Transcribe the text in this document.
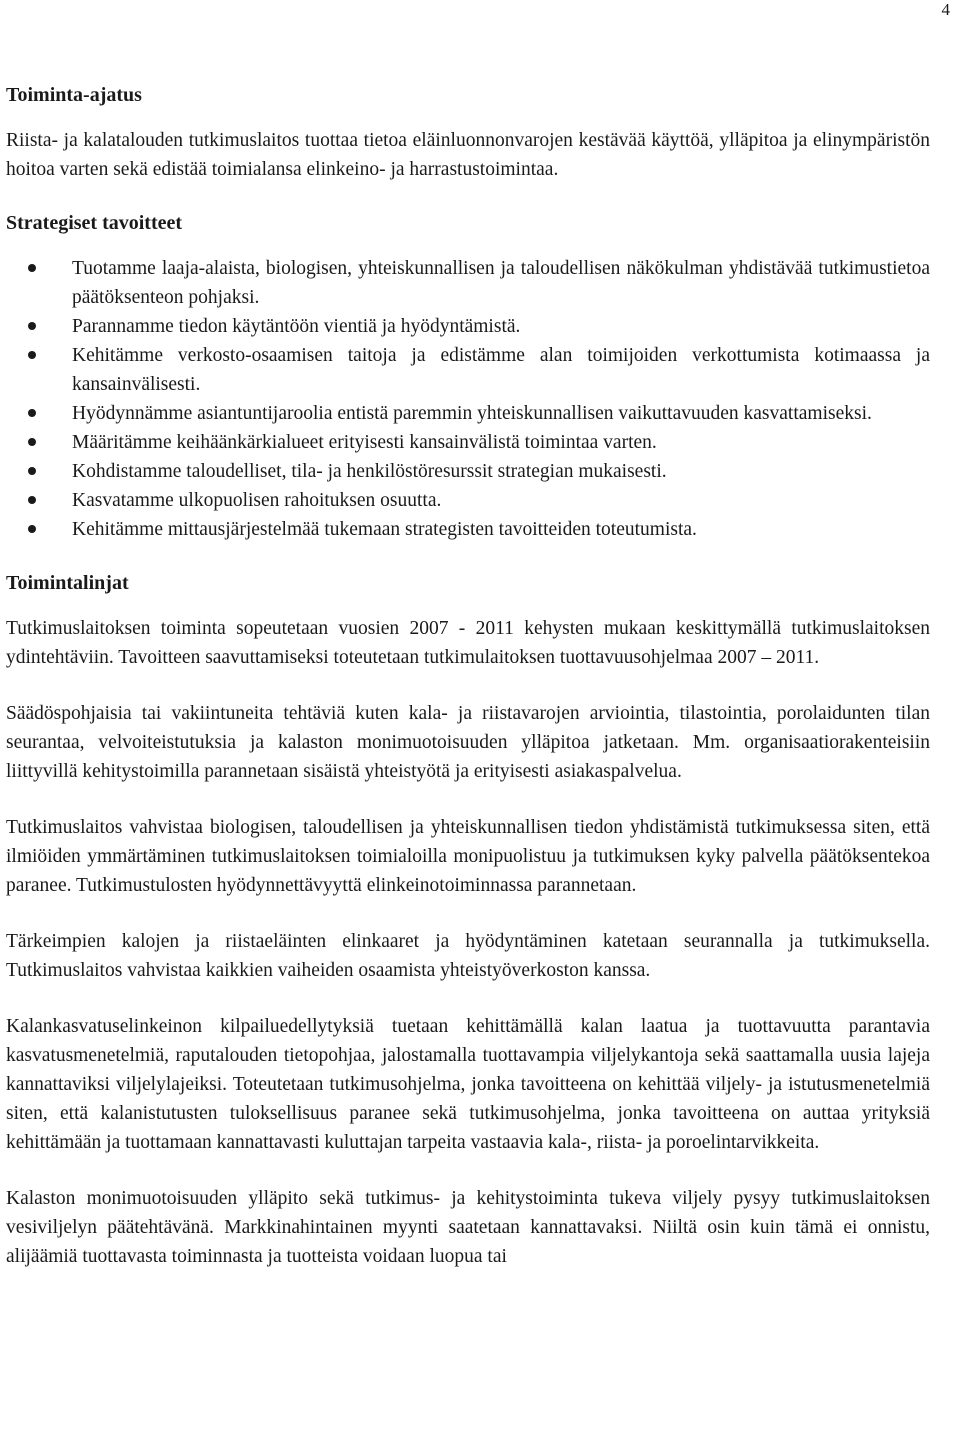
4
Toiminta-ajatus

Riista- ja kalatalouden tutkimuslaitos tuottaa tietoa eläinluonnonvarojen kestävää käyttöä, ylläpitoa ja elinympäristön hoitoa varten sekä edistää toimialansa elinkeino- ja harrastustoimintaa.

Strategiset tavoitteet
Tuotamme laaja-alaista, biologisen, yhteiskunnallisen ja taloudellisen näkökulman yhdistävää tutkimustietoa päätöksenteon pohjaksi.
Parannamme tiedon käytäntöön vientiä ja hyödyntämistä.
Kehitämme verkosto-osaamisen taitoja ja edistämme alan toimijoiden verkottumista kotimaassa ja kansainvälisesti.
Hyödynnämme asiantuntijaroolia entistä paremmin yhteiskunnallisen vaikuttavuuden kasvattamiseksi.
Määritämme keihäänkärkialueet erityisesti kansainvälistä toimintaa varten.
Kohdistamme taloudelliset, tila- ja henkilöstöresurssit strategian mukaisesti.
Kasvatamme ulkopuolisen rahoituksen osuutta.
Kehitämme mittausjärjestelmää tukemaan strategisten tavoitteiden toteutumista.
Toimintalinjat

Tutkimuslaitoksen toiminta sopeutetaan vuosien 2007 - 2011 kehysten mukaan keskittymällä tutkimuslaitoksen ydintehtäviin. Tavoitteen saavuttamiseksi toteutetaan tutkimulaitoksen tuottavuusohjelmaa 2007 – 2011.

Säädöspohjaisia tai vakiintuneita tehtäviä kuten kala- ja riistavarojen arviointia, tilastointia, porolaidunten tilan seurantaa, velvoiteistutuksia ja kalaston monimuotoisuuden ylläpitoa jatketaan. Mm. organisaatiorakenteisiin liittyvillä kehitystoimilla parannetaan sisäistä yhteistyötä ja erityisesti asiakaspalvelua.

Tutkimuslaitos vahvistaa biologisen, taloudellisen ja yhteiskunnallisen tiedon yhdistämistä tutkimuksessa siten, että ilmiöiden ymmärtäminen tutkimuslaitoksen toimialoilla monipuolistuu ja tutkimuksen kyky palvella päätöksentekoa paranee. Tutkimustulosten hyödynnettävyyttä elinkeinotoiminnassa parannetaan.

Tärkeimpien kalojen ja riistaeläinten elinkaaret ja hyödyntäminen katetaan seurannalla ja tutkimuksella. Tutkimuslaitos vahvistaa kaikkien vaiheiden osaamista yhteistyöverkoston kanssa.

Kalankasvatuselinkeinon kilpailuedellytyksiä tuetaan kehittämällä kalan laatua ja tuottavuutta parantavia kasvatusmenetelmiä, raputalouden tietopohjaa, jalostamalla tuottavampia viljelykantoja sekä saattamalla uusia lajeja kannattaviksi viljelylajeiksi. Toteutetaan tutkimusohjelma, jonka tavoitteena on kehittää viljely- ja istutusmenetelmiä siten, että kalanistutusten tuloksellisuus paranee sekä tutkimusohjelma, jonka tavoitteena on auttaa yrityksiä kehittämään ja tuottamaan kannattavasti kuluttajan tarpeita vastaavia kala-, riista- ja poroelintarvikkeita.

Kalaston monimuotoisuuden ylläpito sekä tutkimus- ja kehitystoiminta tukeva viljely pysyy tutkimuslaitoksen vesiviljelyn päätehtävänä. Markkinahintainen myynti saatetaan kannattavaksi. Niiltä osin kuin tämä ei onnistu, alijäämiä tuottavasta toiminnasta ja tuotteista voidaan luopua tai
